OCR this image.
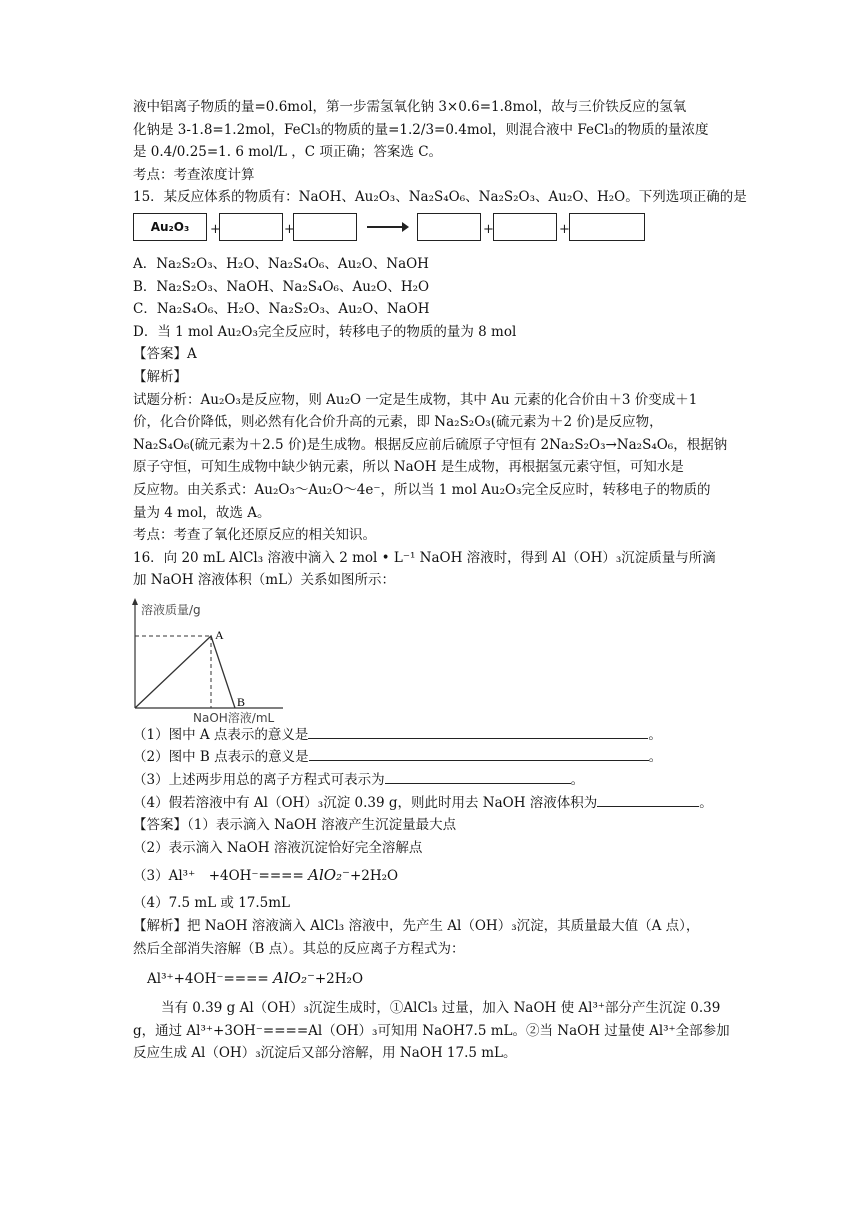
液中铝离子物质的量=0.6mol，第一步需氢氧化钠 3×0.6=1.8mol，故与三价铁反应的氢氧
化钠是 3-1.8=1.2mol，FeCl₃的物质的量=1.2/3=0.4mol，则混合液中 FeCl₃的物质的量浓度
是 0.4/0.25=1. 6 mol/L ，C 项正确；答案选 C。
考点：考查浓度计算
15．某反应体系的物质有：NaOH、Au₂O₃、Na₂S₄O₆、Na₂S₂O₃、Au₂O、H₂O。下列选项正确的是
Au₂O₃	+	+	+	+
A．Na₂S₂O₃、H₂O、Na₂S₄O₆、Au₂O、NaOH
B．Na₂S₂O₃、NaOH、Na₂S₄O₆、Au₂O、H₂O
C．Na₂S₄O₆、H₂O、Na₂S₂O₃、Au₂O、NaOH
D．当 1 mol Au₂O₃完全反应时，转移电子的物质的量为 8 mol
【答案】A
【解析】
试题分析：Au₂O₃是反应物，则 Au₂O 一定是生成物，其中 Au 元素的化合价由＋3 价变成＋1
价，化合价降低，则必然有化合价升高的元素，即 Na₂S₂O₃(硫元素为＋2 价)是反应物，
Na₂S₄O₆(硫元素为＋2.5 价)是生成物。根据反应前后硫原子守恒有 2Na₂S₂O₃→Na₂S₄O₆，根据钠
原子守恒，可知生成物中缺少钠元素，所以 NaOH 是生成物，再根据氢元素守恒，可知水是
反应物。由关系式：Au₂O₃～Au₂O～4e⁻，所以当 1 mol Au₂O₃完全反应时，转移电子的物质的
量为 4 mol，故选 A。
考点：考查了氧化还原反应的相关知识。
16．向 20 mL AlCl₃ 溶液中滴入 2 mol • L⁻¹ NaOH 溶液时，得到 Al（OH）₃沉淀质量与所滴
加 NaOH 溶液体积（mL）关系如图所示：
A
B
溶液质量/g
NaOH溶液/mL
（1）图中 A 点表示的意义是	。
（2）图中 B 点表示的意义是	。
（3）上述两步用总的离子方程式可表示为	。
（4）假若溶液中有 Al（OH）₃沉淀 0.39 g，则此时用去 NaOH 溶液体积为	。
【答案】（1）表示滴入 NaOH 溶液产生沉淀量最大点
（2）表示滴入 NaOH 溶液沉淀恰好完全溶解点
（3）Al³⁺　+4OH⁻==== AlO₂⁻+2H₂O
（4）7.5 mL 或 17.5mL
【解析】把 NaOH 溶液滴入 AlCl₃ 溶液中，先产生 Al（OH）₃沉淀，其质量最大值（A 点），
然后全部消失溶解（B 点）。其总的反应离子方程式为：
Al³⁺+4OH⁻==== AlO₂⁻+2H₂O
当有 0.39 g Al（OH）₃沉淀生成时，①AlCl₃ 过量，加入 NaOH 使 Al³⁺部分产生沉淀 0.39
g，通过 Al³⁺+3OH⁻====Al（OH）₃可知用 NaOH7.5 mL。②当 NaOH 过量使 Al³⁺全部参加
反应生成 Al（OH）₃沉淀后又部分溶解，用 NaOH 17.5 mL。
